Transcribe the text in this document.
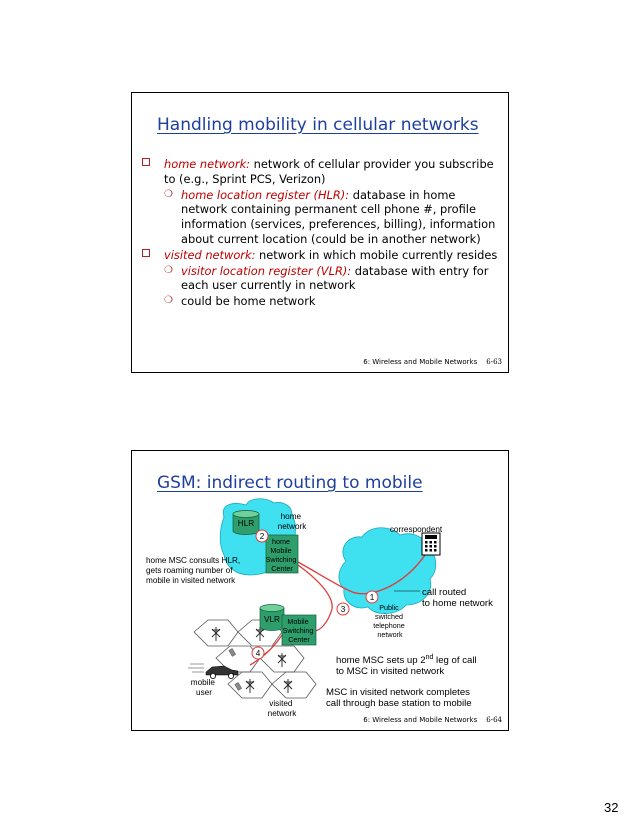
Handling mobility in cellular networks
home network: network of cellular provider you subscribe to (e.g., Sprint PCS, Verizon)
❍ home location register (HLR): database in home network containing permanent cell phone #, profile information (services, preferences, billing), information about current location (could be in another network)
visited network: network in which mobile currently resides
❍ visitor location register (VLR): database with entry for each user currently in network
❍ could be home network
6: Wireless and Mobile Networks 6-63
GSM: indirect routing to mobile
HLR
VLR
home Mobile Switching Center
Mobile Switching Center
home network	correspondent
home MSC consults HLR, gets roaming number of mobile in visited network
call routed to home network
Public switched telephone network
home MSC sets up 2nd leg of call to MSC in visited network
MSC in visited network completes call through base station to mobile
mobile user
visited network
1
2
3
4
6: Wireless and Mobile Networks 6-64
32
